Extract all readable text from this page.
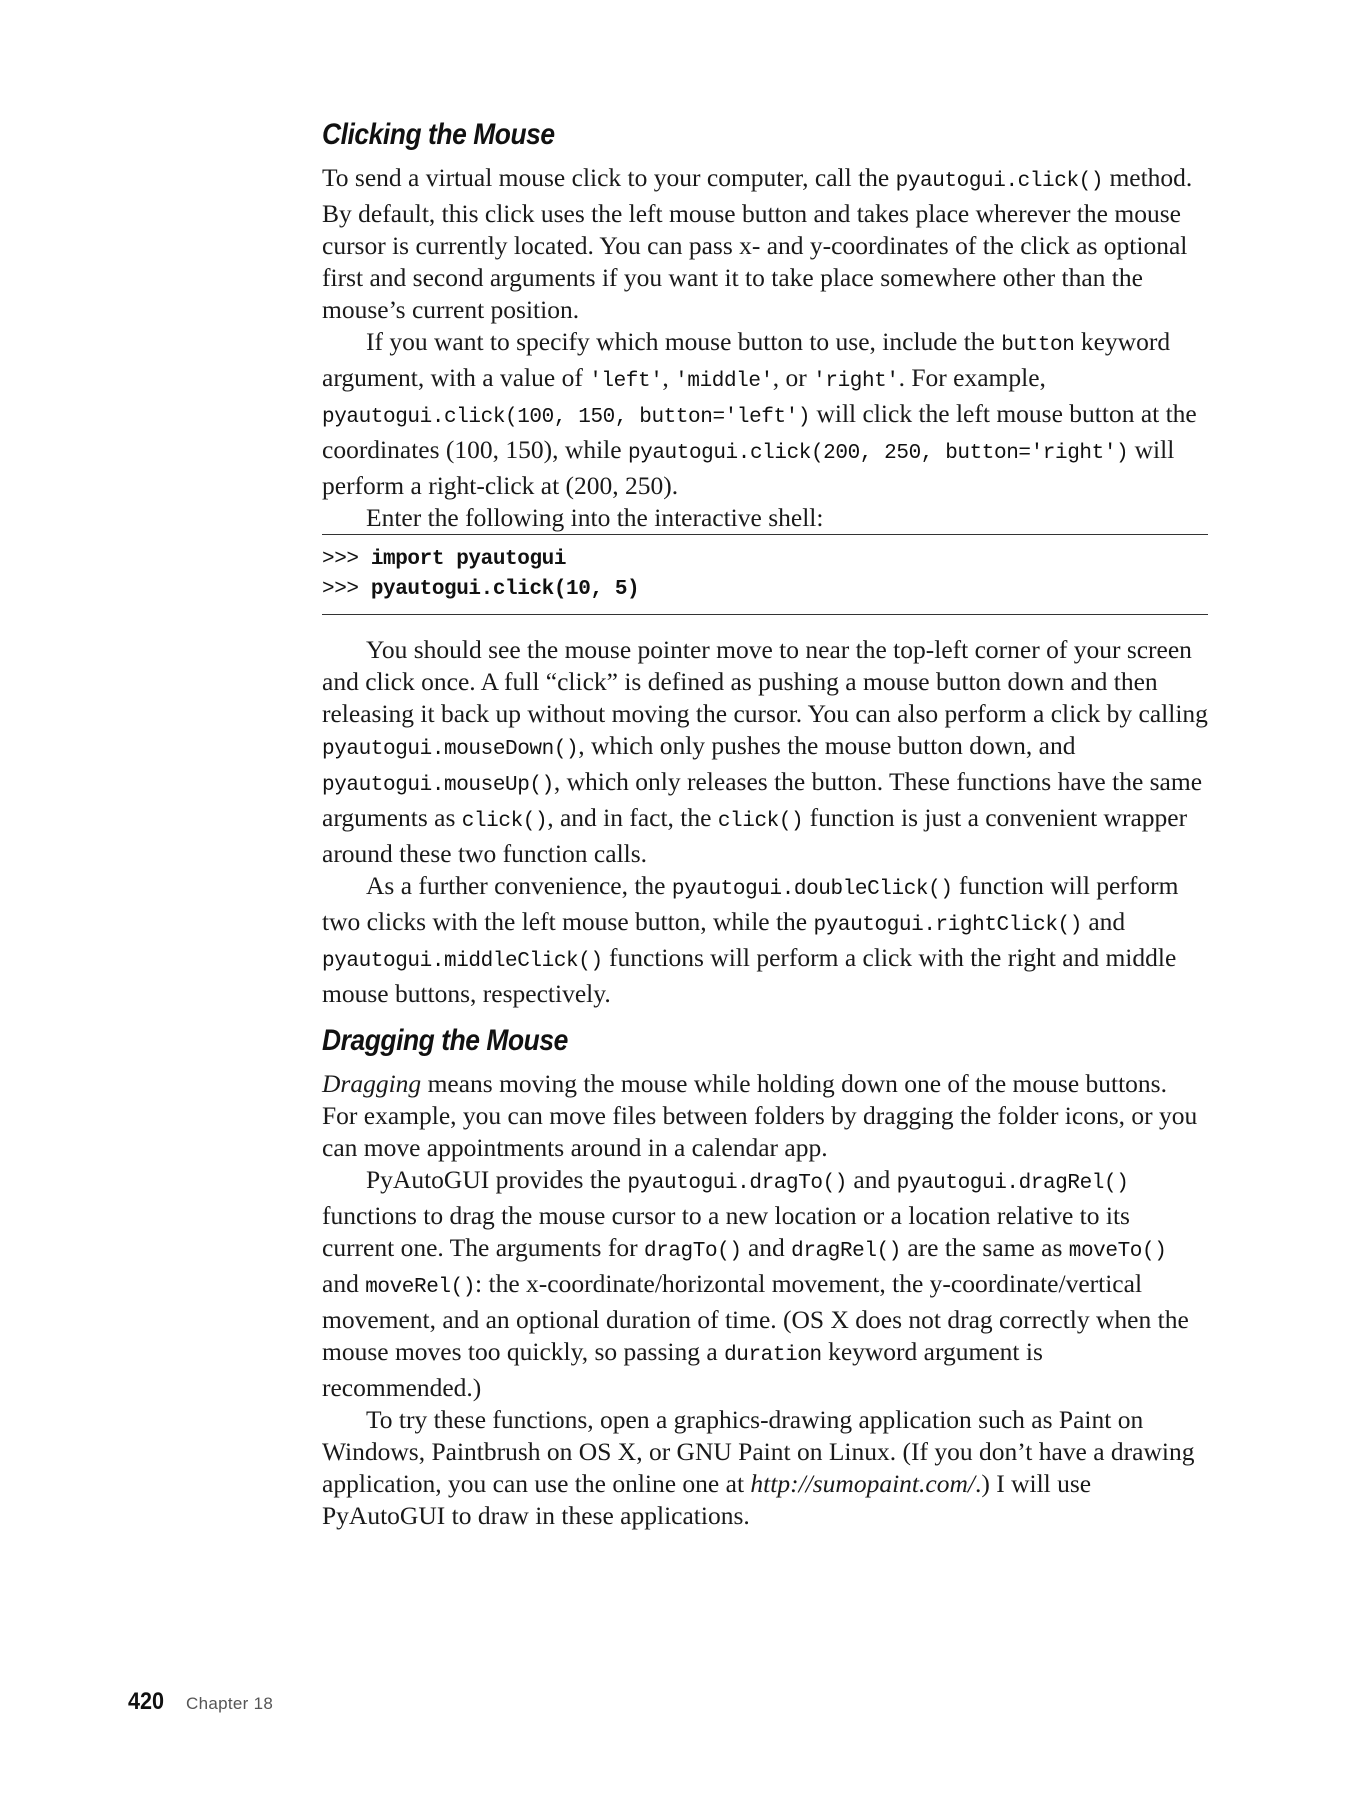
Clicking the Mouse

To send a virtual mouse click to your computer, call the pyautogui.click() method. By default, this click uses the left mouse button and takes place wherever the mouse cursor is currently located. You can pass x- and y-coordinates of the click as optional first and second arguments if you want it to take place somewhere other than the mouse’s current position.

If you want to specify which mouse button to use, include the button keyword argument, with a value of 'left', 'middle', or 'right'. For example, pyautogui.click(100, 150, button='left') will click the left mouse button at the coordinates (100, 150), while pyautogui.click(200, 250, button='right') will perform a right-click at (200, 250).

Enter the following into the interactive shell:

>>> import pyautogui
>>> pyautogui.click(10, 5)

You should see the mouse pointer move to near the top-left corner of your screen and click once. A full “click” is defined as pushing a mouse button down and then releasing it back up without moving the cursor. You can also perform a click by calling pyautogui.mouseDown(), which only pushes the mouse button down, and pyautogui.mouseUp(), which only releases the button. These functions have the same arguments as click(), and in fact, the click() function is just a convenient wrapper around these two function calls.

As a further convenience, the pyautogui.doubleClick() function will perform two clicks with the left mouse button, while the pyautogui.rightClick() and pyautogui.middleClick() functions will perform a click with the right and middle mouse buttons, respectively.

Dragging the Mouse

Dragging means moving the mouse while holding down one of the mouse buttons. For example, you can move files between folders by dragging the folder icons, or you can move appointments around in a calendar app.

PyAutoGUI provides the pyautogui.dragTo() and pyautogui.dragRel() functions to drag the mouse cursor to a new location or a location relative to its current one. The arguments for dragTo() and dragRel() are the same as moveTo() and moveRel(): the x-coordinate/horizontal movement, the y-coordinate/vertical movement, and an optional duration of time. (OS X does not drag correctly when the mouse moves too quickly, so passing a duration keyword argument is recommended.)

To try these functions, open a graphics-drawing application such as Paint on Windows, Paintbrush on OS X, or GNU Paint on Linux. (If you don’t have a drawing application, you can use the online one at http://sumopaint.com/.) I will use PyAutoGUI to draw in these applications.

420 Chapter 18
